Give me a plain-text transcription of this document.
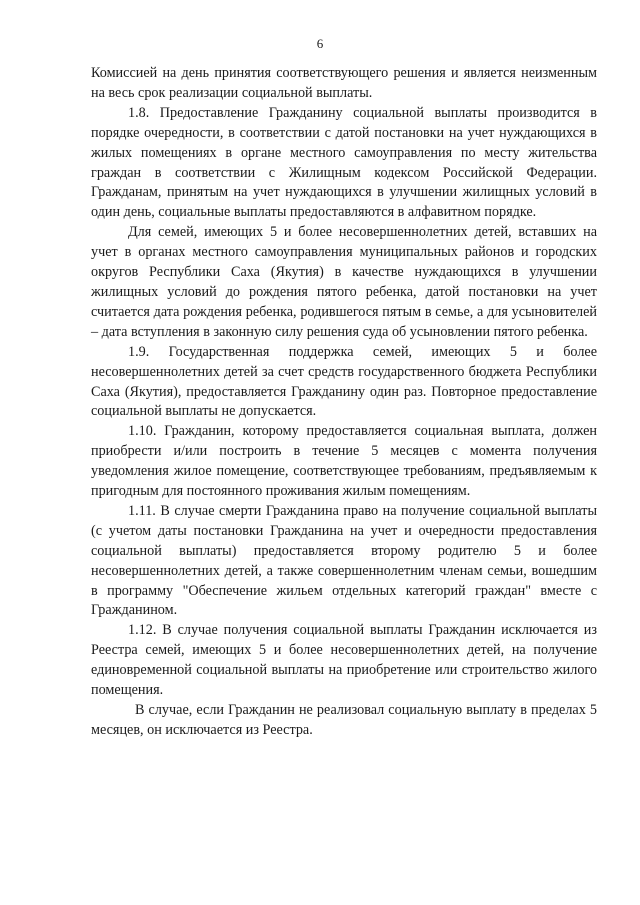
6

Комиссией на день принятия соответствующего решения и является неизменным на весь срок реализации социальной выплаты.

1.8. Предоставление Гражданину социальной выплаты производится в порядке очередности, в соответствии с датой постановки на учет нуждающихся в жилых помещениях в органе местного самоуправления по месту жительства граждан в соответствии с Жилищным кодексом Российской Федерации. Гражданам, принятым на учет нуждающихся в улучшении жилищных условий в один день, социальные выплаты предоставляются в алфавитном порядке.

Для семей, имеющих 5 и более несовершеннолетних детей, вставших на учет в органах местного самоуправления муниципальных районов и городских округов Республики Саха (Якутия) в качестве нуждающихся в улучшении жилищных условий до рождения пятого ребенка, датой постановки на учет считается дата рождения ребенка, родившегося пятым в семье, а для усыновителей – дата вступления в законную силу решения суда об усыновлении пятого ребенка.

1.9. Государственная поддержка семей, имеющих 5 и более несовершеннолетних детей за счет средств государственного бюджета Республики Саха (Якутия), предоставляется Гражданину один раз. Повторное предоставление социальной выплаты не допускается.

1.10. Гражданин, которому предоставляется социальная выплата, должен приобрести и/или построить в течение 5 месяцев с момента получения уведомления жилое помещение, соответствующее требованиям, предъявляемым к пригодным для постоянного проживания жилым помещениям.

1.11. В случае смерти Гражданина право на получение социальной выплаты (с учетом даты постановки Гражданина на учет и очередности предоставления социальной выплаты) предоставляется второму родителю 5 и более несовершеннолетних детей, а также совершеннолетним членам семьи, вошедшим в программу "Обеспечение жильем отдельных категорий граждан" вместе с Гражданином.

1.12. В случае получения социальной выплаты Гражданин исключается из Реестра семей, имеющих 5 и более несовершеннолетних детей, на получение единовременной социальной выплаты на приобретение или строительство жилого помещения.

В случае, если Гражданин не реализовал социальную выплату в пределах 5 месяцев, он исключается из Реестра.
